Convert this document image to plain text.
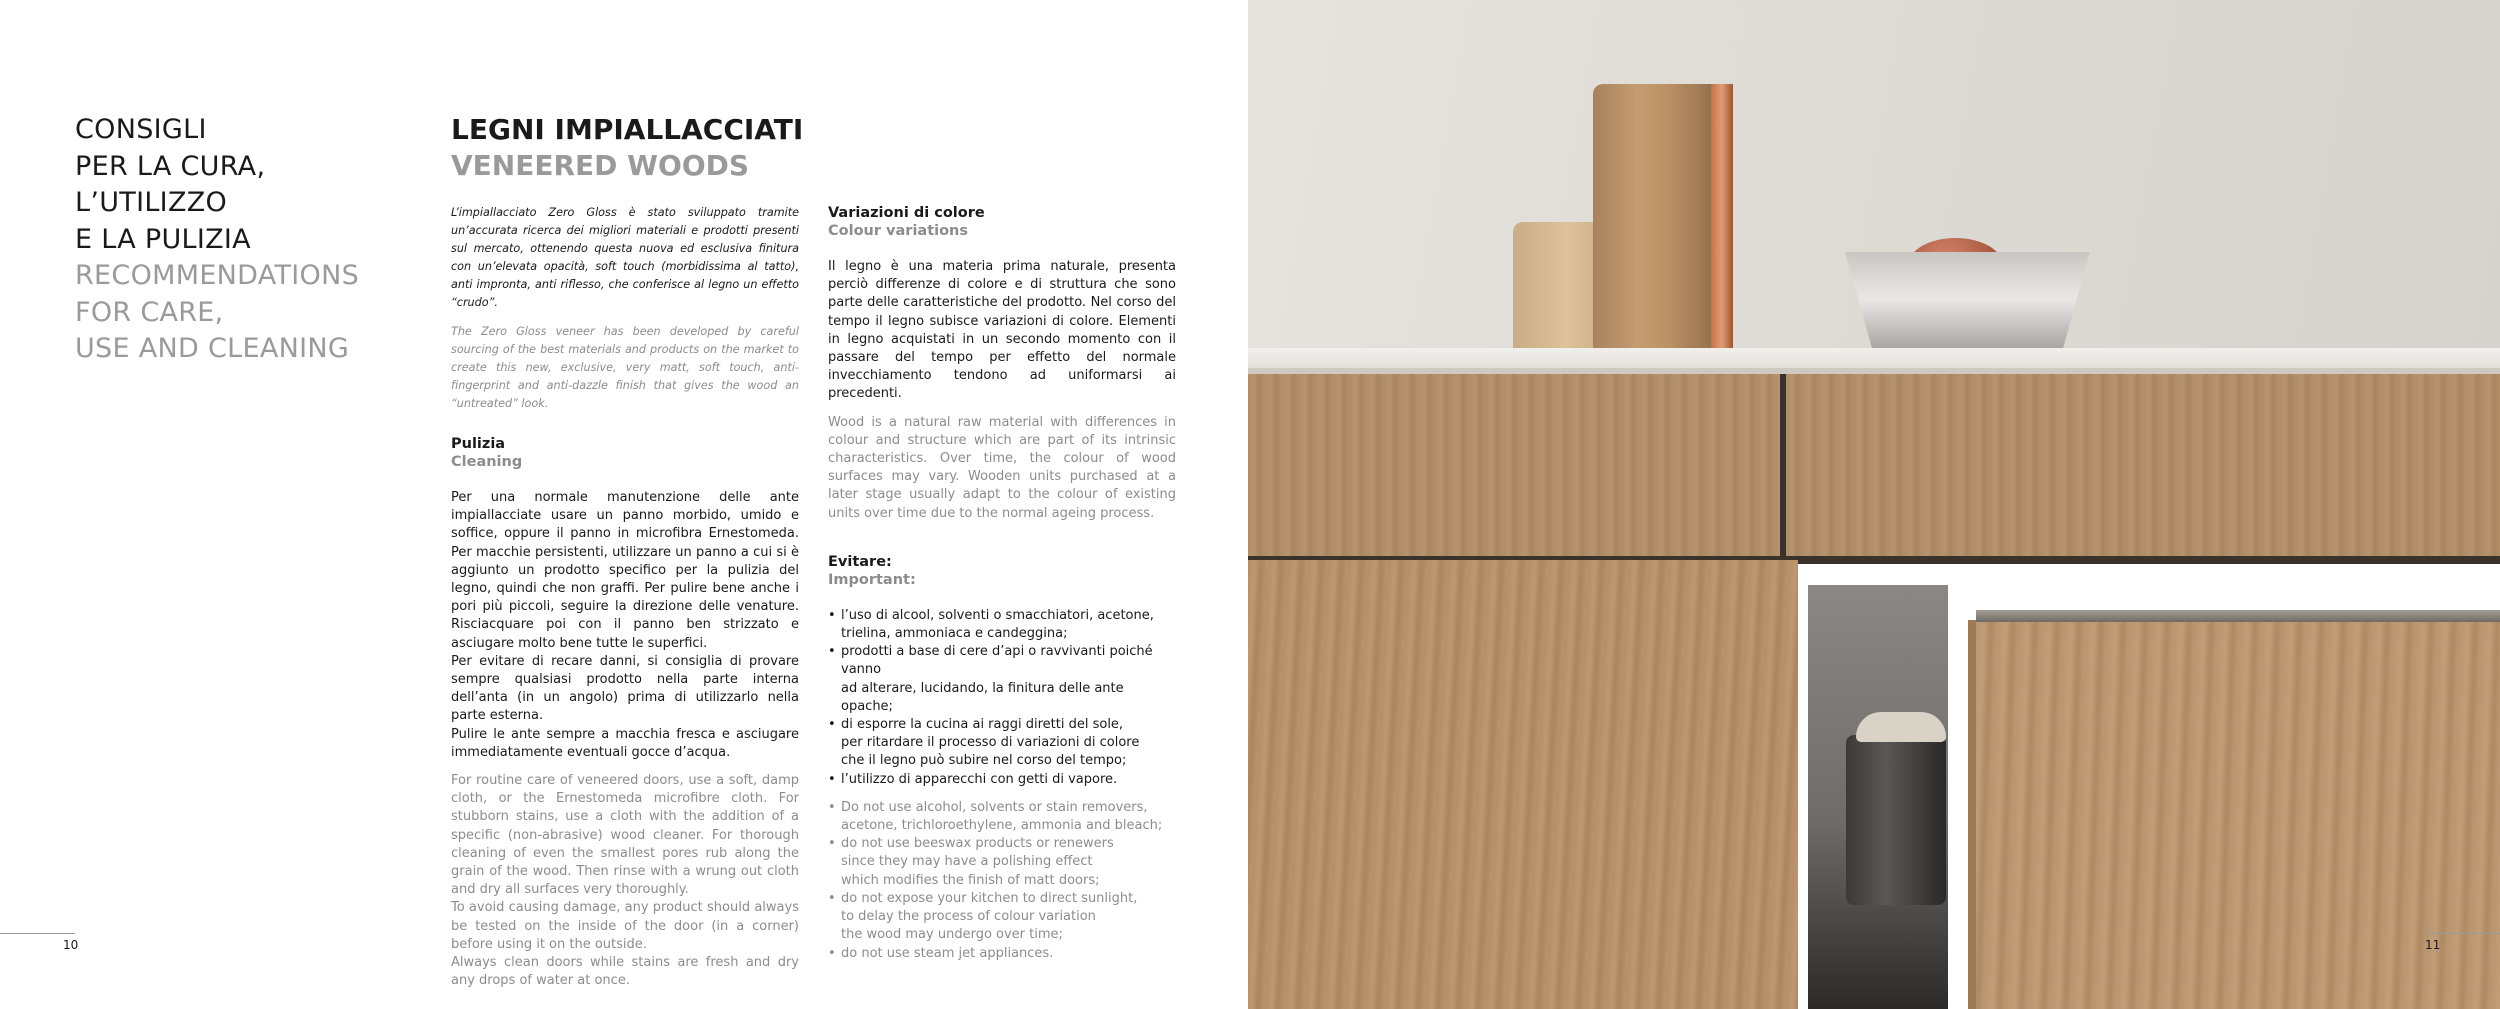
CONSIGLI
PER LA CURA,
L’UTILIZZO
E LA PULIZIA
RECOMMENDATIONS
FOR CARE,
USE AND CLEANING
LEGNI IMPIALLACCIATI
VENEERED WOODS

L’impiallacciato Zero Gloss è stato sviluppato tramite un’accurata ricerca dei migliori materiali e prodotti presenti sul mercato, ottenendo questa nuova ed esclusiva finitura con un’elevata opacità, soft touch (morbidissima al tatto), anti impronta, anti riflesso, che conferisce al legno un effetto “crudo”.

The Zero Gloss veneer has been developed by careful sourcing of the best materials and products on the market to create this new, exclusive, very matt, soft touch, anti-fingerprint and anti-dazzle finish that gives the wood an “untreated” look.

Pulizia
Cleaning

Per una normale manutenzione delle ante impiallacciate usare un panno morbido, umido e soffice, oppure il panno in microfibra Ernestomeda. Per macchie persistenti, utilizzare un panno a cui si è aggiunto un prodotto specifico per la pulizia del legno, quindi che non graffi. Per pulire bene anche i pori più piccoli, seguire la direzione delle venature. Risciacquare poi con il panno ben strizzato e asciugare molto bene tutte le superfici.

Per evitare di recare danni, si consiglia di provare sempre qualsiasi prodotto nella parte interna dell’anta (in un angolo) prima di utilizzarlo nella parte esterna.

Pulire le ante sempre a macchia fresca e asciugare immediatamente eventuali gocce d’acqua.

For routine care of veneered doors, use a soft, damp cloth, or the Ernestomeda microfibre cloth. For stubborn stains, use a cloth with the addition of a specific (non-abrasive) wood cleaner. For thorough cleaning of even the smallest pores rub along the grain of the wood. Then rinse with a wrung out cloth and dry all surfaces very thoroughly.

To avoid causing damage, any product should always be tested on the inside of the door (in a corner) before using it on the outside.

Always clean doors while stains are fresh and dry any drops of water at once.

Variazioni di colore
Colour variations

Il legno è una materia prima naturale, presenta perciò differenze di colore e di struttura che sono parte delle caratteristiche del prodotto. Nel corso del tempo il legno subisce variazioni di colore. Elementi in legno acquistati in un secondo momento con il passare del tempo per effetto del normale invecchiamento tendono ad uniformarsi ai precedenti.

Wood is a natural raw material with differences in colour and structure which are part of its intrinsic characteristics. Over time, the colour of wood surfaces may vary. Wooden units purchased at a later stage usually adapt to the colour of existing units over time due to the normal ageing process.

Evitare:
Important:
• l’uso di alcool, solventi o smacchiatori, acetone,
trielina, ammoniaca e candeggina;
• prodotti a base di cere d’api o ravvivanti poiché vanno
ad alterare, lucidando, la finitura delle ante opache;
• di esporre la cucina ai raggi diretti del sole,
per ritardare il processo di variazioni di colore
che il legno può subire nel corso del tempo;
• l’utilizzo di apparecchi con getti di vapore.
• Do not use alcohol, solvents or stain removers,
acetone, trichloroethylene, ammonia and bleach;
• do not use beeswax products or renewers
since they may have a polishing effect
which modifies the finish of matt doors;
• do not expose your kitchen to direct sunlight,
to delay the process of colour variation
the wood may undergo over time;
• do not use steam jet appliances.
10	11
